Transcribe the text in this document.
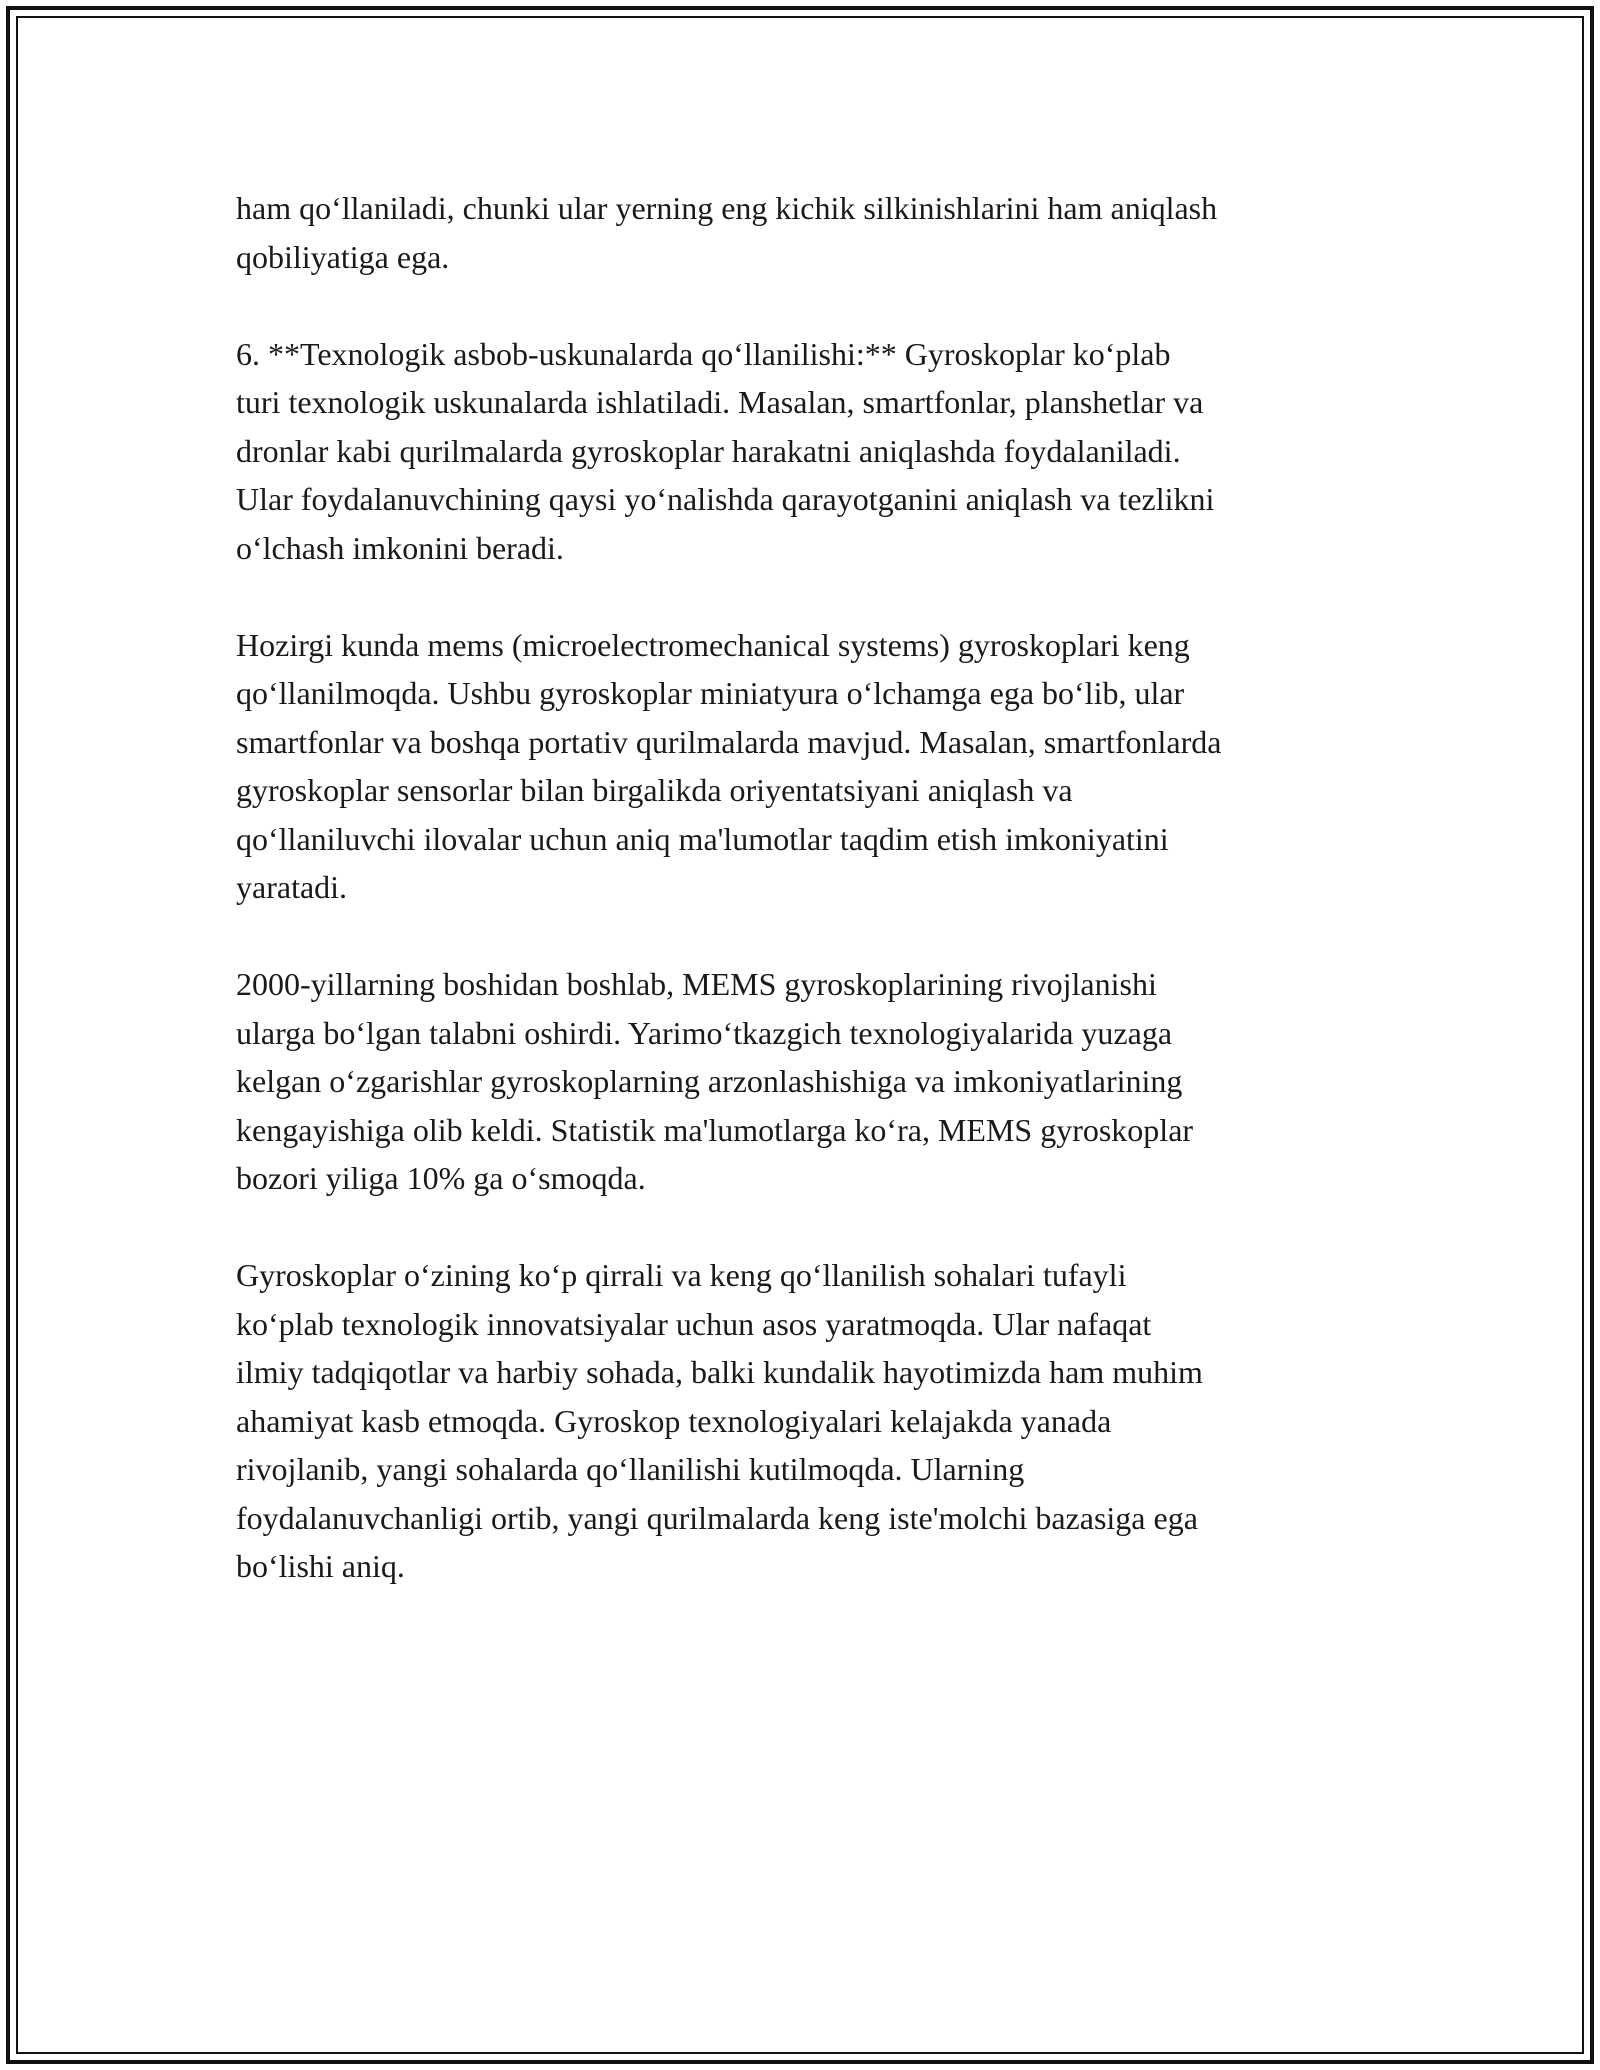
ham qo‘llaniladi, chunki ular yerning eng kichik silkinishlarini ham aniqlash
qobiliyatiga ega.

6. **Texnologik asbob-uskunalarda qo‘llanilishi:** Gyroskoplar ko‘plab
turi texnologik uskunalarda ishlatiladi. Masalan, smartfonlar, planshetlar va
dronlar kabi qurilmalarda gyroskoplar harakatni aniqlashda foydalaniladi.
Ular foydalanuvchining qaysi yo‘nalishda qarayotganini aniqlash va tezlikni
o‘lchash imkonini beradi.

Hozirgi kunda mems (microelectromechanical systems) gyroskoplari keng
qo‘llanilmoqda. Ushbu gyroskoplar miniatyura o‘lchamga ega bo‘lib, ular
smartfonlar va boshqa portativ qurilmalarda mavjud. Masalan, smartfonlarda
gyroskoplar sensorlar bilan birgalikda oriyentatsiyani aniqlash va
qo‘llaniluvchi ilovalar uchun aniq ma'lumotlar taqdim etish imkoniyatini
yaratadi.

2000-yillarning boshidan boshlab, MEMS gyroskoplarining rivojlanishi
ularga bo‘lgan talabni oshirdi. Yarimo‘tkazgich texnologiyalarida yuzaga
kelgan o‘zgarishlar gyroskoplarning arzonlashishiga va imkoniyatlarining
kengayishiga olib keldi. Statistik ma'lumotlarga ko‘ra, MEMS gyroskoplar
bozori yiliga 10% ga o‘smoqda.

Gyroskoplar o‘zining ko‘p qirrali va keng qo‘llanilish sohalari tufayli
ko‘plab texnologik innovatsiyalar uchun asos yaratmoqda. Ular nafaqat
ilmiy tadqiqotlar va harbiy sohada, balki kundalik hayotimizda ham muhim
ahamiyat kasb etmoqda. Gyroskop texnologiyalari kelajakda yanada
rivojlanib, yangi sohalarda qo‘llanilishi kutilmoqda. Ularning
foydalanuvchanligi ortib, yangi qurilmalarda keng iste'molchi bazasiga ega
bo‘lishi aniq.
